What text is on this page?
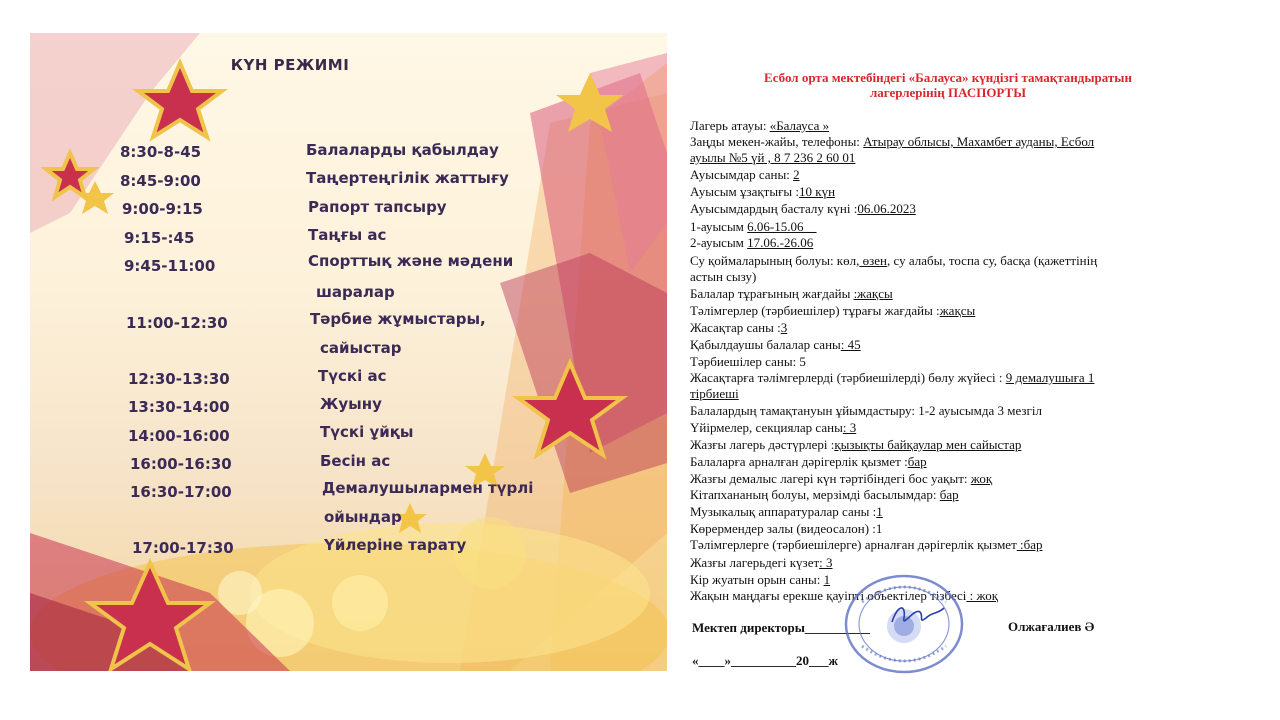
КҮН РЕЖИМІ
8:30-8-45	Балаларды қабылдау
8:45-9:00	Таңертеңгілік жаттығу
9:00-9:15	Рапорт тапсыру
9:15-:45	Таңғы ас
9:45-11:00	Спорттық және мәдени
шаралар
11:00-12:30	Тәрбие жұмыстары,
сайыстар
12:30-13:30	Түскі ас
13:30-14:00	Жуыну
14:00-16:00	Түскі ұйқы
16:00-16:30	Бесін ас
16:30-17:00	Демалушылармен түрлі
ойындар
17:00-17:30	Үйлеріне тарату
Есбол орта мектебіндегі «Балауса» күндізгі тамақтандыратын
лагерлерінің ПАСПОРТЫ
Лагерь атауы: «Балауса »
Заңды мекен-жайы, телефоны: Атырау облысы, Махамбет ауданы, Есбол
ауылы №5 үй , 8 7 236 2 60 01
Ауысымдар саны: 2
Ауысым ұзақтығы :10 күн
Ауысымдардың басталу күні :06.06.2023
1-ауысым 6.06-15.06__
2-ауысым 17.06.-26.06
Су қоймаларының болуы: көл, өзен, су алабы, тоспа су, басқа (қажеттінің
астын сызу)
Балалар тұрағының жағдайы :жақсы
Тәлімгерлер (тәрбиешілер) тұрағы жағдайы :жақсы
Жасақтар саны :3
Қабылдаушы балалар саны: 45
Тәрбиешілер саны: 5
Жасақтарға тәлімгерлерді (тәрбиешілерді) бөлу жүйесі : 9 демалушыға 1
тірбиеші
Балалардың тамақтануын ұйымдастыру: 1-2 ауысымда 3 мезгіл
Үйірмелер, секциялар саны: 3
Жазғы лагерь дәстүрлері :қызықты байқаулар мен сайыстар
Балаларға арналған дәрігерлік қызмет :бар
Жазғы демалыс лагері күн тәртібіндегі бос уақыт: жоқ
Кітапхананың болуы, мерзімді басылымдар: бар
Музыкалық аппаратуралар саны :1
Көрермендер залы (видеосалон) :1
Тәлімгерлерге (тәрбиешілерге) арналған дәрігерлік қызмет :бар
Жазғы лагерьдегі күзет: 3
Кір жуатын орын саны: 1
Жақын маңдағы ерекше қауіпті объектілер тізбесі : жоқ
Мектеп директоры__________	Олжағалиев Ә
«____»__________20___ж
